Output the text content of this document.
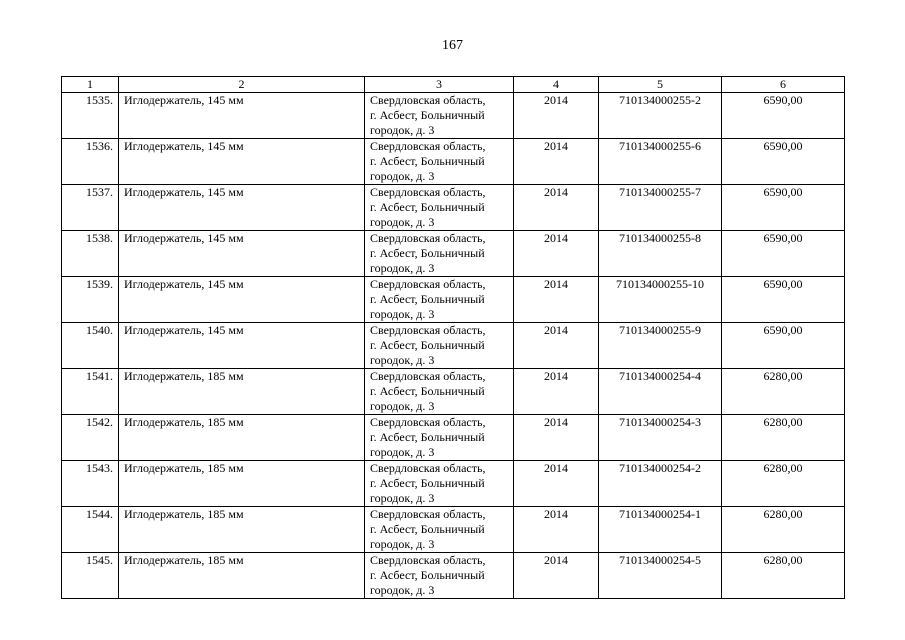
167
1	2	3	4	5	6
1535.	Иглодержатель, 145 мм	Свердловская область,
г. Асбест, Больничный
городок, д. 3	2014	710134000255-2	6590,00
1536.	Иглодержатель, 145 мм	Свердловская область,
г. Асбест, Больничный
городок, д. 3	2014	710134000255-6	6590,00
1537.	Иглодержатель, 145 мм	Свердловская область,
г. Асбест, Больничный
городок, д. 3	2014	710134000255-7	6590,00
1538.	Иглодержатель, 145 мм	Свердловская область,
г. Асбест, Больничный
городок, д. 3	2014	710134000255-8	6590,00
1539.	Иглодержатель, 145 мм	Свердловская область,
г. Асбест, Больничный
городок, д. 3	2014	710134000255-10	6590,00
1540.	Иглодержатель, 145 мм	Свердловская область,
г. Асбест, Больничный
городок, д. 3	2014	710134000255-9	6590,00
1541.	Иглодержатель, 185 мм	Свердловская область,
г. Асбест, Больничный
городок, д. 3	2014	710134000254-4	6280,00
1542.	Иглодержатель, 185 мм	Свердловская область,
г. Асбест, Больничный
городок, д. 3	2014	710134000254-3	6280,00
1543.	Иглодержатель, 185 мм	Свердловская область,
г. Асбест, Больничный
городок, д. 3	2014	710134000254-2	6280,00
1544.	Иглодержатель, 185 мм	Свердловская область,
г. Асбест, Больничный
городок, д. 3	2014	710134000254-1	6280,00
1545.	Иглодержатель, 185 мм	Свердловская область,
г. Асбест, Больничный
городок, д. 3	2014	710134000254-5	6280,00
